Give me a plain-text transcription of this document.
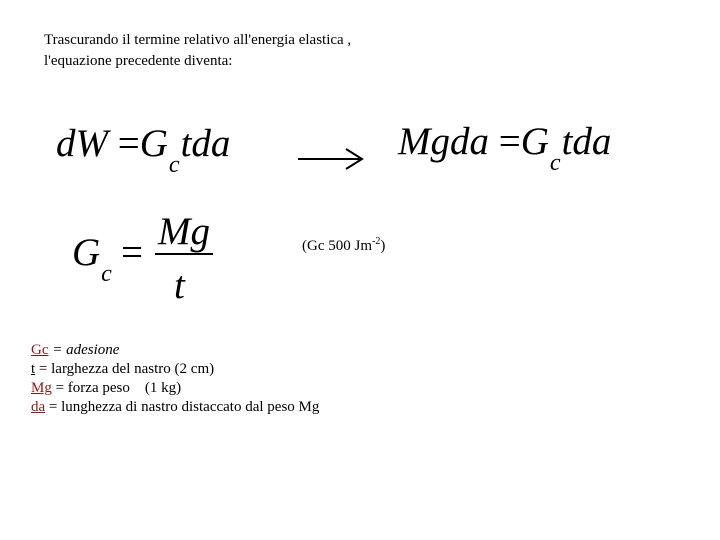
Trascurando il termine relativo all'energia elastica ,
l'equazione precedente diventa:
dW $=G_ctda$	Mgda $=G_ctda$
$G_c = Mg$
t
(Gc 500 $Jm^{-2}$)
Gc = adesione
t = larghezza del nastro (2 cm)
Mg = forza peso    (1 kg)
da = lunghezza di nastro distaccato dal peso Mg
